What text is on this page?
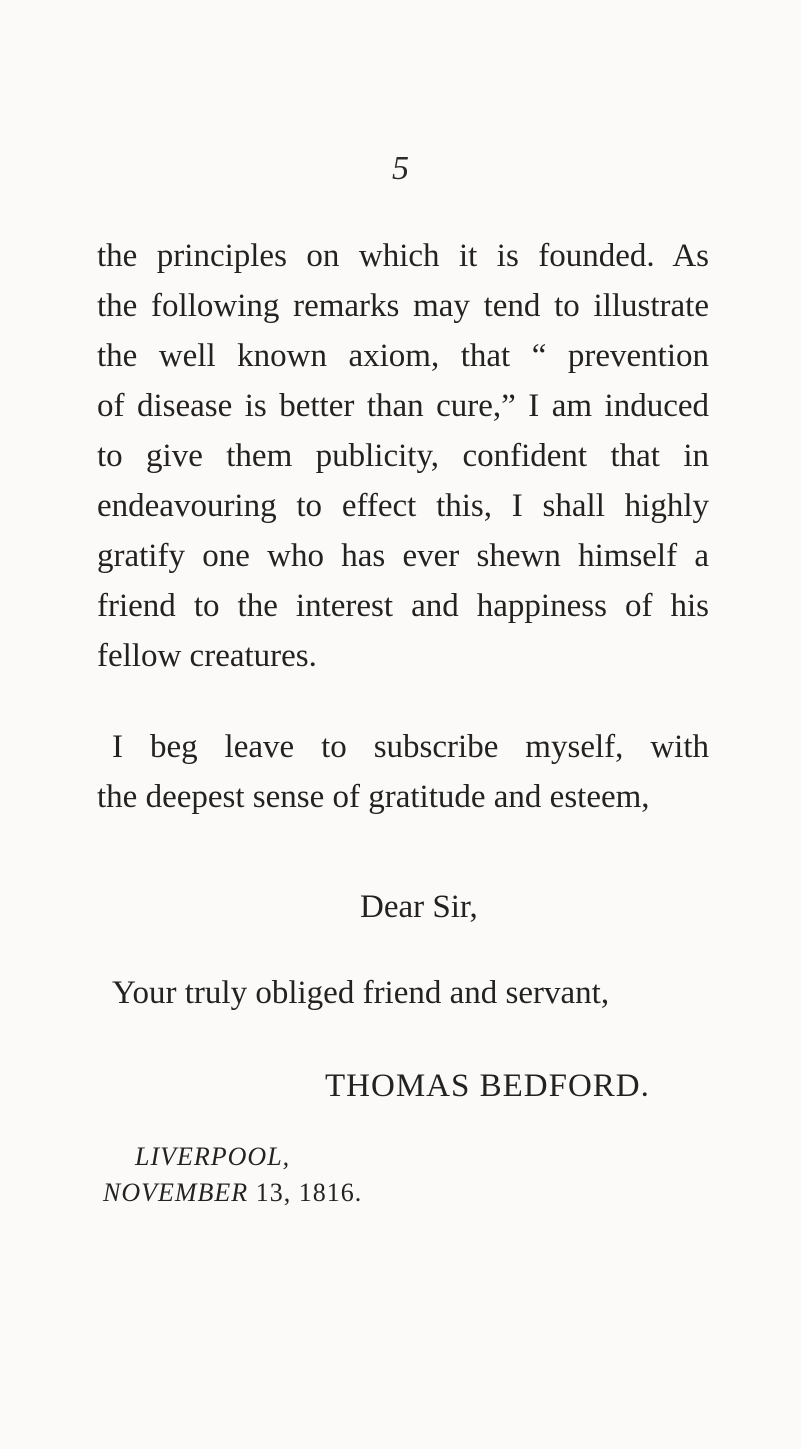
5
the principles on which it is founded. As
the following remarks may tend to illustrate
the well known axiom, that “ prevention
of disease is better than cure,” I am induced
to give them publicity, confident that in
endeavouring to effect this, I shall highly
gratify one who has ever shewn himself a
friend to the interest and happiness of his
fellow creatures.
I beg leave to subscribe myself, with
the deepest sense of gratitude and esteem,
Dear Sir,
Your truly obliged friend and servant,
THOMAS BEDFORD.
LIVERPOOL,
NOVEMBER 13, 1816.
